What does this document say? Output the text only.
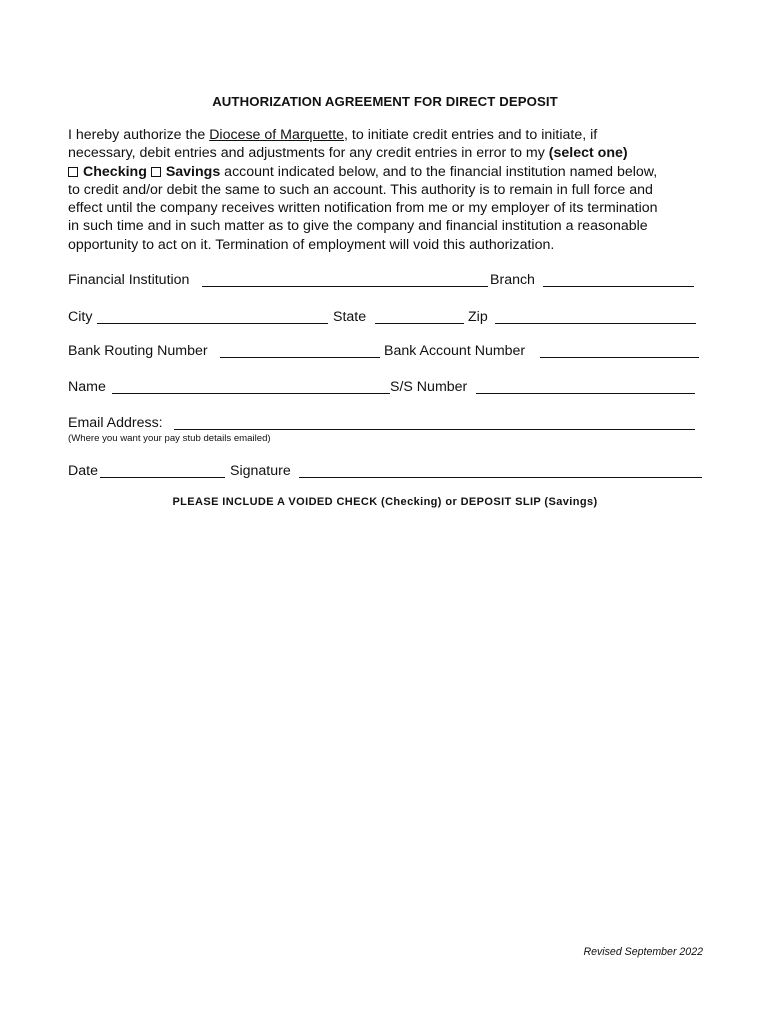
AUTHORIZATION AGREEMENT FOR DIRECT DEPOSIT
I hereby authorize the Diocese of Marquette, to initiate credit entries and to initiate, if
necessary, debit entries and adjustments for any credit entries in error to my (select one)
Checking Savings account indicated below, and to the financial institution named below,
to credit and/or debit the same to such an account. This authority is to remain in full force and
effect until the company receives written notification from me or my employer of its termination
in such time and in such matter as to give the company and financial institution a reasonable
opportunity to act on it. Termination of employment will void this authorization.
Financial Institution	Branch
City	State	Zip
Bank Routing Number	Bank Account Number
Name	S/S Number
Email Address:
(Where you want your pay stub details emailed)
Date	Signature
PLEASE INCLUDE A VOIDED CHECK (Checking) or DEPOSIT SLIP (Savings)
Revised September 2022
